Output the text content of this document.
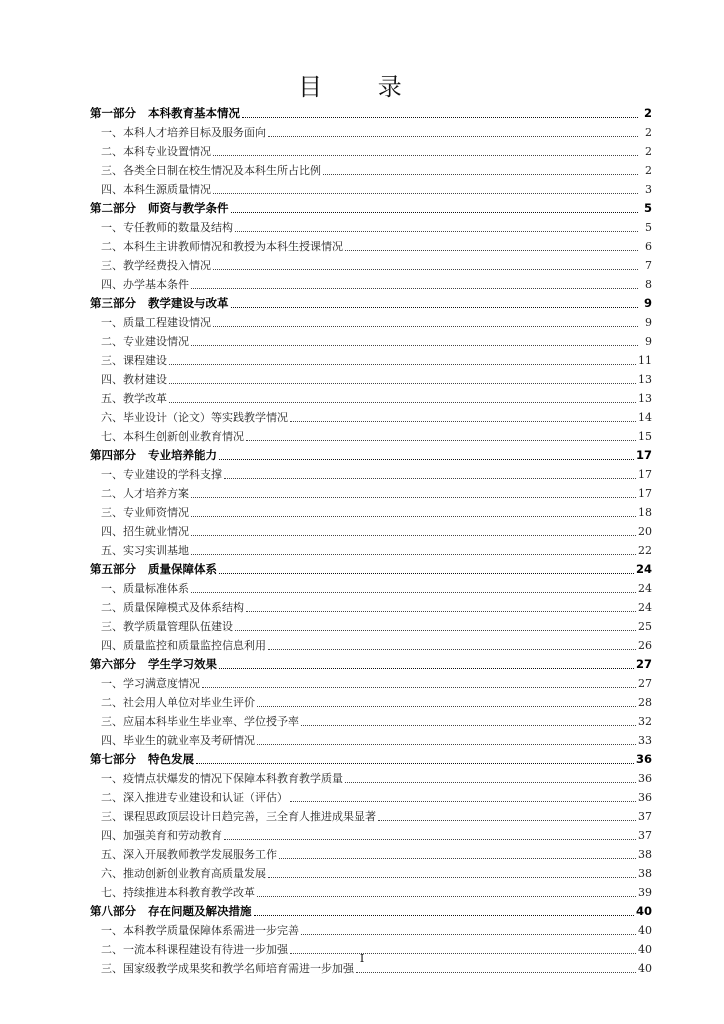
目 录
第一部分 本科教育基本情况	2
一、本科人才培养目标及服务面向	2
二、本科专业设置情况	2
三、各类全日制在校生情况及本科生所占比例	2
四、本科生源质量情况	3
第二部分 师资与教学条件	5
一、专任教师的数量及结构	5
二、本科生主讲教师情况和教授为本科生授课情况	6
三、教学经费投入情况	7
四、办学基本条件	8
第三部分 教学建设与改革	9
一、质量工程建设情况	9
二、专业建设情况	9
三、课程建设	11
四、教材建设	13
五、教学改革	13
六、毕业设计（论文）等实践教学情况	14
七、本科生创新创业教育情况	15
第四部分 专业培养能力	17
一、专业建设的学科支撑	17
二、人才培养方案	17
三、专业师资情况	18
四、招生就业情况	20
五、实习实训基地	22
第五部分 质量保障体系	24
一、质量标准体系	24
二、质量保障模式及体系结构	24
三、教学质量管理队伍建设	25
四、质量监控和质量监控信息利用	26
第六部分 学生学习效果	27
一、学习满意度情况	27
二、社会用人单位对毕业生评价	28
三、应届本科毕业生毕业率、学位授予率	32
四、毕业生的就业率及考研情况	33
第七部分 特色发展	36
一、疫情点状爆发的情况下保障本科教育教学质量	36
二、深入推进专业建设和认证（评估）	36
三、课程思政顶层设计日趋完善，三全育人推进成果显著	37
四、加强美育和劳动教育	37
五、深入开展教师教学发展服务工作	38
六、推动创新创业教育高质量发展	38
七、持续推进本科教育教学改革	39
第八部分 存在问题及解决措施	40
一、本科教学质量保障体系需进一步完善	40
二、一流本科课程建设有待进一步加强	40
三、国家级教学成果奖和教学名师培育需进一步加强	40
I
